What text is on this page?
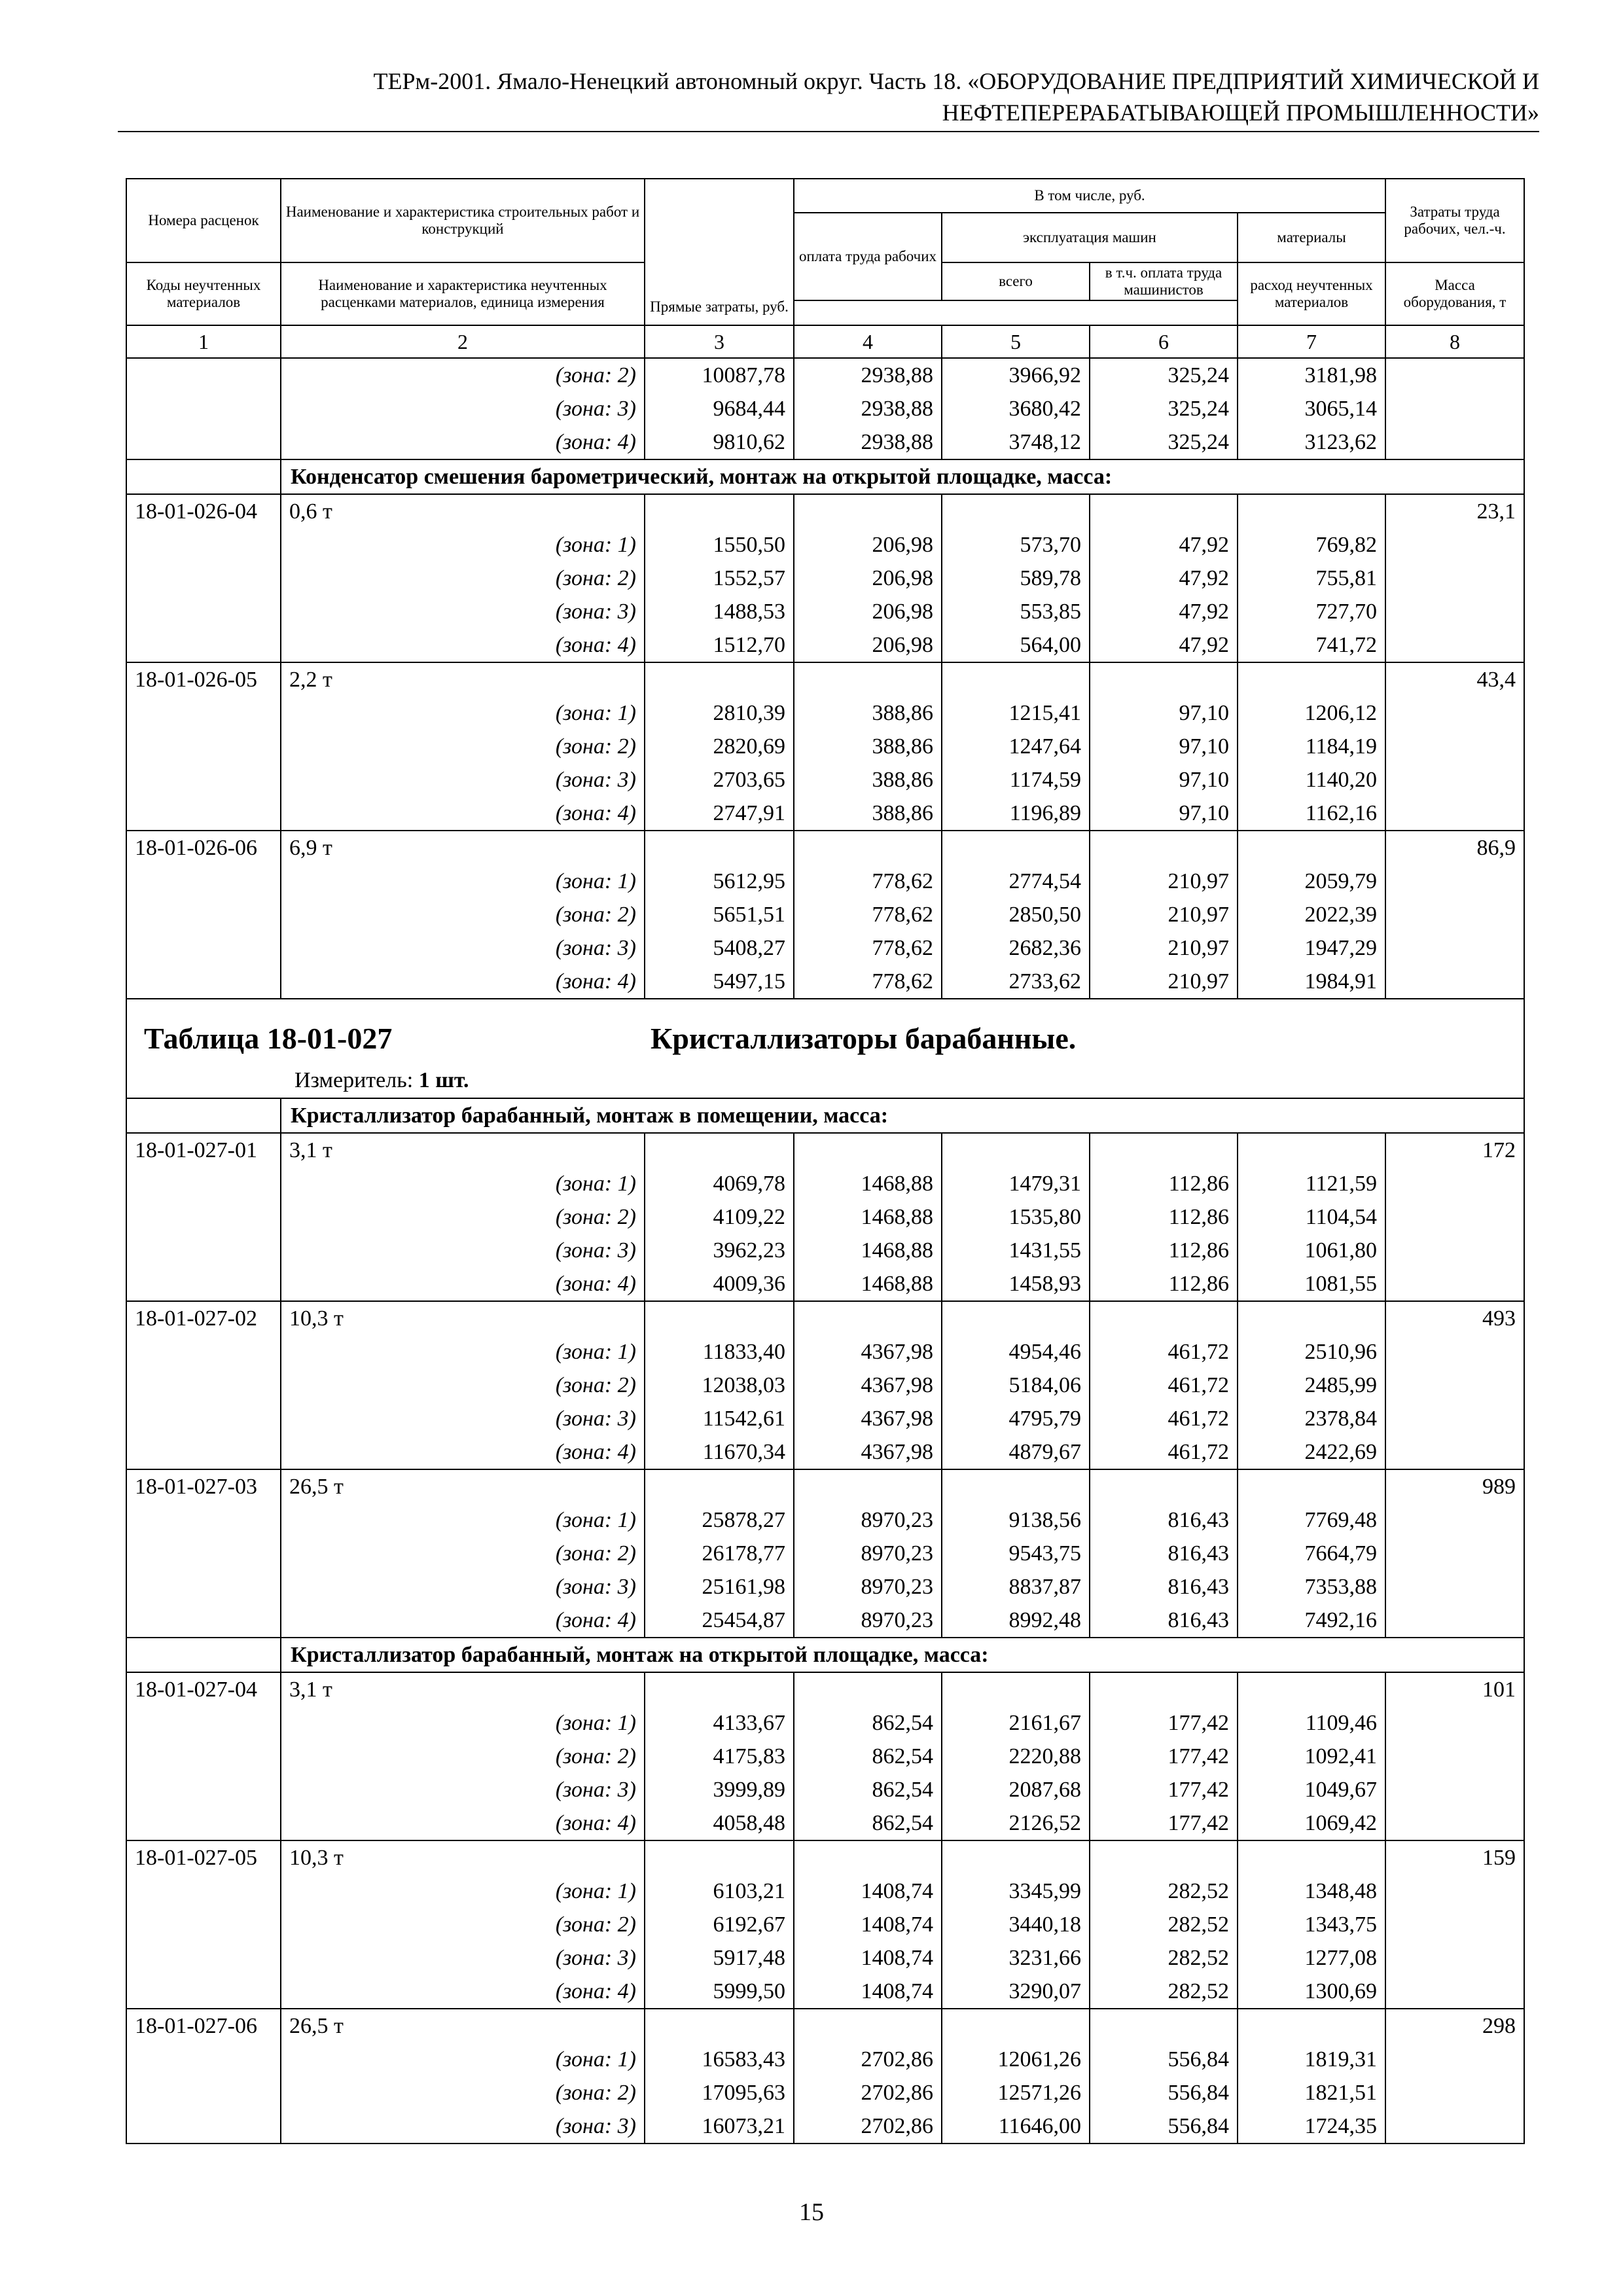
ТЕРм-2001. Ямало-Ненецкий автономный округ. Часть 18. «ОБОРУДОВАНИЕ ПРЕДПРИЯТИЙ ХИМИЧЕСКОЙ И
НЕФТЕПЕРЕРАБАТЫВАЮЩЕЙ ПРОМЫШЛЕННОСТИ»
Номера расценок	Наименование и характеристика строительных работ и конструкций	Прямые затраты, руб.	В том числе, руб.				Затраты труда рабочих, чел.-ч.
			оплата труда рабочих	эксплуатация машин		материалы	
				всего	в т.ч. оплата труда машинистов		
Коды неучтенных материалов	Наименование и характеристика неучтенных расценками материалов, единица измерения					расход неучтенных материалов	Масса оборудования, т

1	2	3	4	5	6	7	8
	(зона: 2)	10087,78	2938,88	3966,92	325,24	3181,98	
	(зона: 3)	9684,44	2938,88	3680,42	325,24	3065,14	
	(зона: 4)	9810,62	2938,88	3748,12	325,24	3123,62	
	Конденсатор смешения барометрический, монтаж на открытой площадке, масса:						
18-01-026-04	0,6 т						23,1
	(зона: 1)	1550,50	206,98	573,70	47,92	769,82	
	(зона: 2)	1552,57	206,98	589,78	47,92	755,81	
	(зона: 3)	1488,53	206,98	553,85	47,92	727,70	
	(зона: 4)	1512,70	206,98	564,00	47,92	741,72	
18-01-026-05	2,2 т						43,4
	(зона: 1)	2810,39	388,86	1215,41	97,10	1206,12	
	(зона: 2)	2820,69	388,86	1247,64	97,10	1184,19	
	(зона: 3)	2703,65	388,86	1174,59	97,10	1140,20	
	(зона: 4)	2747,91	388,86	1196,89	97,10	1162,16	
18-01-026-06	6,9 т						86,9
	(зона: 1)	5612,95	778,62	2774,54	210,97	2059,79	
	(зона: 2)	5651,51	778,62	2850,50	210,97	2022,39	
	(зона: 3)	5408,27	778,62	2682,36	210,97	1947,29	
	(зона: 4)	5497,15	778,62	2733,62	210,97	1984,91	

Таблица 18-01-027 Кристаллизаторы барабанные.
Измеритель: 1 шт.							

	Кристаллизатор барабанный, монтаж в помещении, масса:						
18-01-027-01	3,1 т						172
	(зона: 1)	4069,78	1468,88	1479,31	112,86	1121,59	
	(зона: 2)	4109,22	1468,88	1535,80	112,86	1104,54	
	(зона: 3)	3962,23	1468,88	1431,55	112,86	1061,80	
	(зона: 4)	4009,36	1468,88	1458,93	112,86	1081,55	
18-01-027-02	10,3 т						493
	(зона: 1)	11833,40	4367,98	4954,46	461,72	2510,96	
	(зона: 2)	12038,03	4367,98	5184,06	461,72	2485,99	
	(зона: 3)	11542,61	4367,98	4795,79	461,72	2378,84	
	(зона: 4)	11670,34	4367,98	4879,67	461,72	2422,69	
18-01-027-03	26,5 т						989
	(зона: 1)	25878,27	8970,23	9138,56	816,43	7769,48	
	(зона: 2)	26178,77	8970,23	9543,75	816,43	7664,79	
	(зона: 3)	25161,98	8970,23	8837,87	816,43	7353,88	
	(зона: 4)	25454,87	8970,23	8992,48	816,43	7492,16	
	Кристаллизатор барабанный, монтаж на открытой площадке, масса:						
18-01-027-04	3,1 т						101
	(зона: 1)	4133,67	862,54	2161,67	177,42	1109,46	
	(зона: 2)	4175,83	862,54	2220,88	177,42	1092,41	
	(зона: 3)	3999,89	862,54	2087,68	177,42	1049,67	
	(зона: 4)	4058,48	862,54	2126,52	177,42	1069,42	
18-01-027-05	10,3 т						159
	(зона: 1)	6103,21	1408,74	3345,99	282,52	1348,48	
	(зона: 2)	6192,67	1408,74	3440,18	282,52	1343,75	
	(зона: 3)	5917,48	1408,74	3231,66	282,52	1277,08	
	(зона: 4)	5999,50	1408,74	3290,07	282,52	1300,69	
18-01-027-06	26,5 т						298
	(зона: 1)	16583,43	2702,86	12061,26	556,84	1819,31	
	(зона: 2)	17095,63	2702,86	12571,26	556,84	1821,51	
	(зона: 3)	16073,21	2702,86	11646,00	556,84	1724,35	
15
